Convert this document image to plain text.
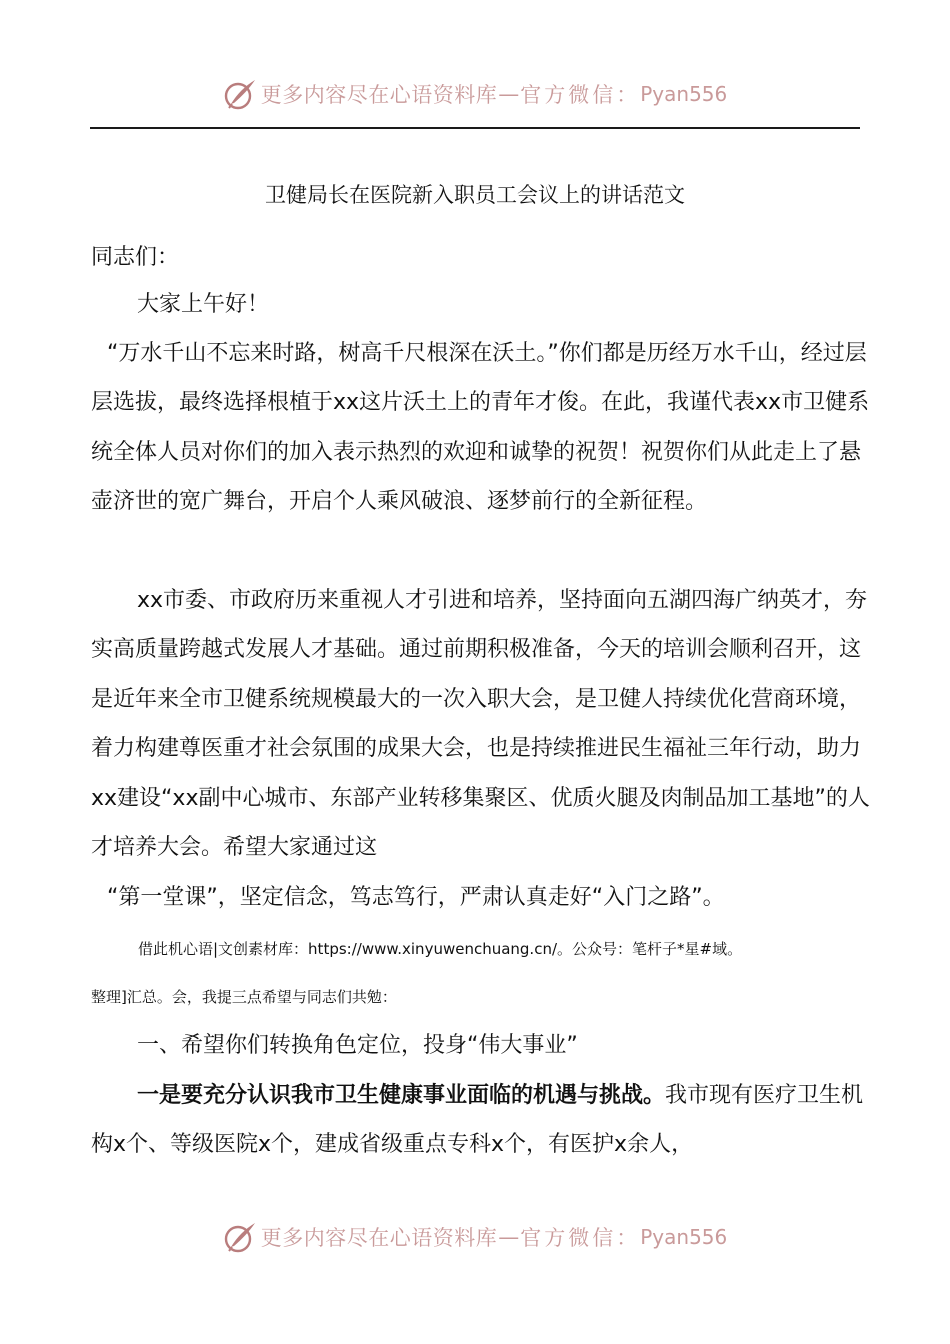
更多内容尽在心语资料库 — 官方微信： Pyan556
卫健局长在医院新入职员工会议上的讲话范文

同志们：

大家上午好！

“万水千山不忘来时路，树高千尺根深在沃土。”你们都是历经万水千山，经过层层选拔，最终选择根植于xx这片沃土上的青年才俊。在此，我谨代表xx市卫健系统全体人员对你们的加入表示热烈的欢迎和诚挚的祝贺！祝贺你们从此走上了悬壶济世的宽广舞台，开启个人乘风破浪、逐梦前行的全新征程。

xx市委、市政府历来重视人才引进和培养，坚持面向五湖四海广纳英才，夯实高质量跨越式发展人才基础。通过前期积极准备，今天的培训会顺利召开，这是近年来全市卫健系统规模最大的一次入职大会，是卫健人持续优化营商环境，着力构建尊医重才社会氛围的成果大会，也是持续推进民生福祉三年行动，助力xx建设“xx副中心城市、东部产业转移集聚区、优质火腿及肉制品加工基地”的人才培养大会。希望大家通过这

“第一堂课”，坚定信念，笃志笃行，严肃认真走好“入门之路”。

借此机心语|文创素材库：https://www.xinyuwenchuang.cn/。公众号：笔杆子*星#域。

整理]汇总。会，我提三点希望与同志们共勉：

一、希望你们转换角色定位，投身“伟大事业”

一是要充分认识我市卫生健康事业面临的机遇与挑战。我市现有医疗卫生机构x个、等级医院x个，建成省级重点专科x个，有医护x余人，

更多内容尽在心语资料库 — 官方微信： Pyan556
